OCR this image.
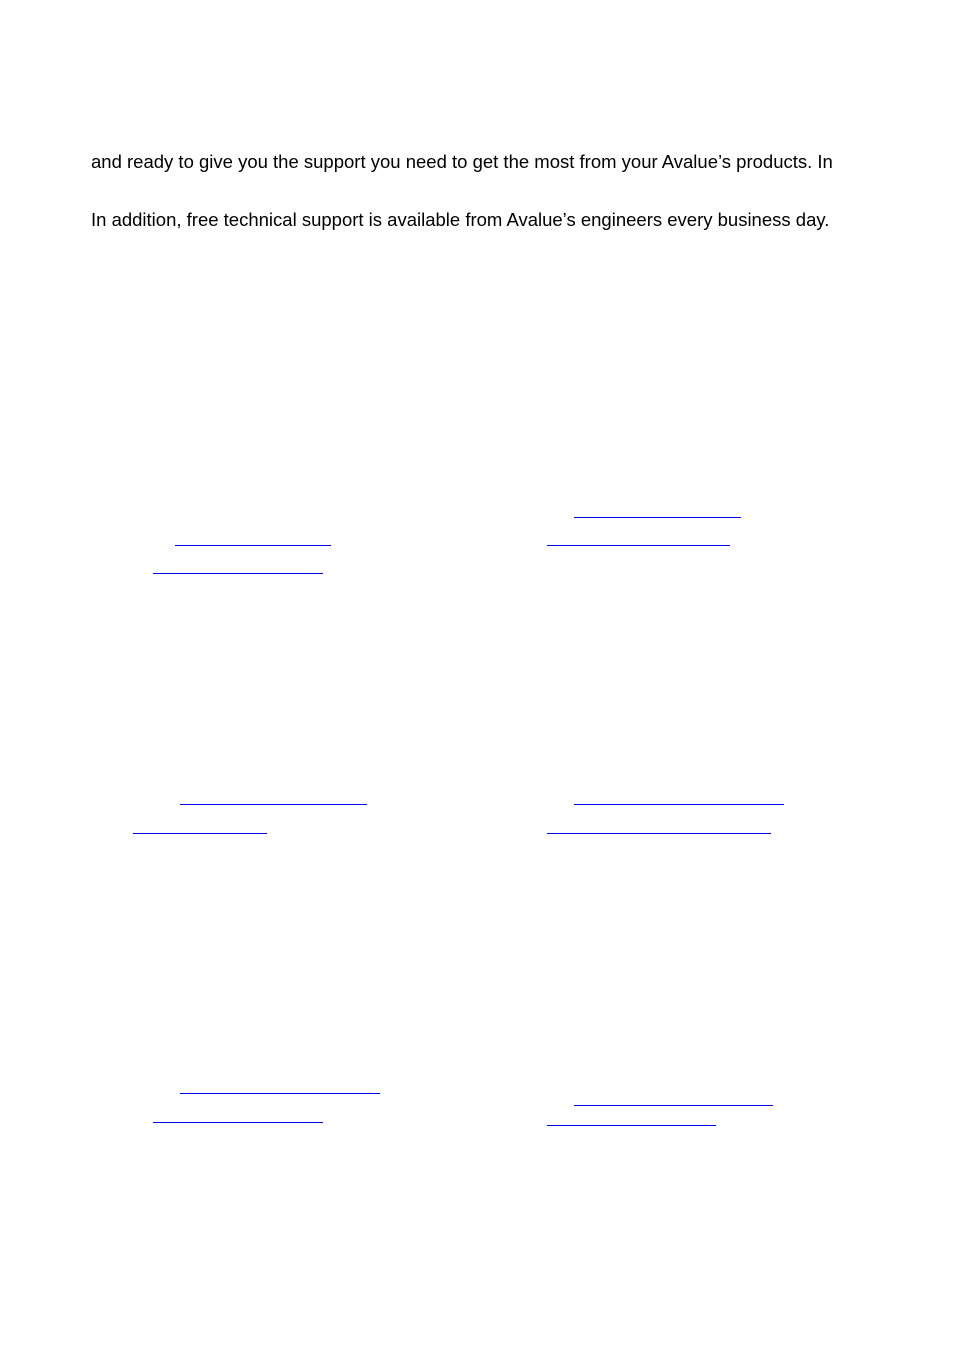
and ready to give you the support you need to get the most from your Avalue’s products. In

In addition, free technical support is available from Avalue’s engineers every business day.
